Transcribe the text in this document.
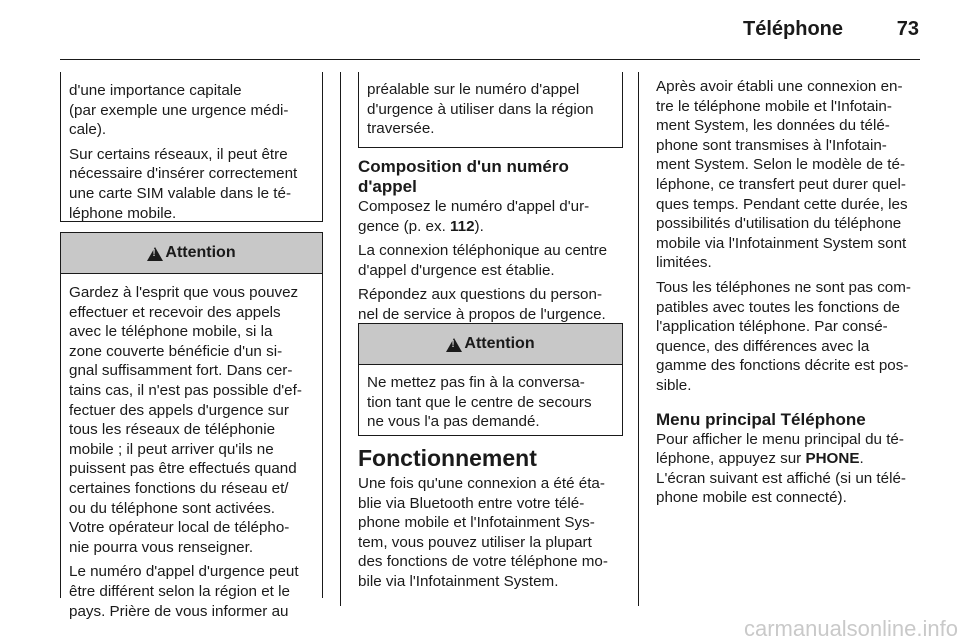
Téléphone	73

d'une importance capitale
(par exemple une urgence médi-
cale).

Sur certains réseaux, il peut être
nécessaire d'insérer correctement
une carte SIM valable dans le té-
léphone mobile.

!
Attention

Gardez à l'esprit que vous pouvez
effectuer et recevoir des appels
avec le téléphone mobile, si la
zone couverte bénéficie d'un si-
gnal suffisamment fort. Dans cer-
tains cas, il n'est pas possible d'ef-
fectuer des appels d'urgence sur
tous les réseaux de téléphonie
mobile ; il peut arriver qu'ils ne
puissent pas être effectués quand
certaines fonctions du réseau et/
ou du téléphone sont activées.
Votre opérateur local de télépho-
nie pourra vous renseigner.

Le numéro d'appel d'urgence peut
être différent selon la région et le
pays. Prière de vous informer au

préalable sur le numéro d'appel
d'urgence à utiliser dans la région
traversée.

Composition d'un numéro
d'appel

Composez le numéro d'appel d'ur-
gence (p. ex. 112).

La connexion téléphonique au centre
d'appel d'urgence est établie.

Répondez aux questions du person-
nel de service à propos de l'urgence.

!
Attention

Ne mettez pas fin à la conversa-
tion tant que le centre de secours
ne vous l'a pas demandé.

Fonctionnement

Une fois qu'une connexion a été éta-
blie via Bluetooth entre votre télé-
phone mobile et l'Infotainment Sys-
tem, vous pouvez utiliser la plupart
des fonctions de votre téléphone mo-
bile via l'Infotainment System.

Après avoir établi une connexion en-
tre le téléphone mobile et l'Infotain-
ment System, les données du télé-
phone sont transmises à l'Infotain-
ment System. Selon le modèle de té-
léphone, ce transfert peut durer quel-
ques temps. Pendant cette durée, les
possibilités d'utilisation du téléphone
mobile via l'Infotainment System sont
limitées.

Tous les téléphones ne sont pas com-
patibles avec toutes les fonctions de
l'application téléphone. Par consé-
quence, des différences avec la
gamme des fonctions décrite est pos-
sible.

Menu principal Téléphone

Pour afficher le menu principal du té-
léphone, appuyez sur PHONE.

L'écran suivant est affiché (si un télé-
phone mobile est connecté).

carmanualsonline.info
